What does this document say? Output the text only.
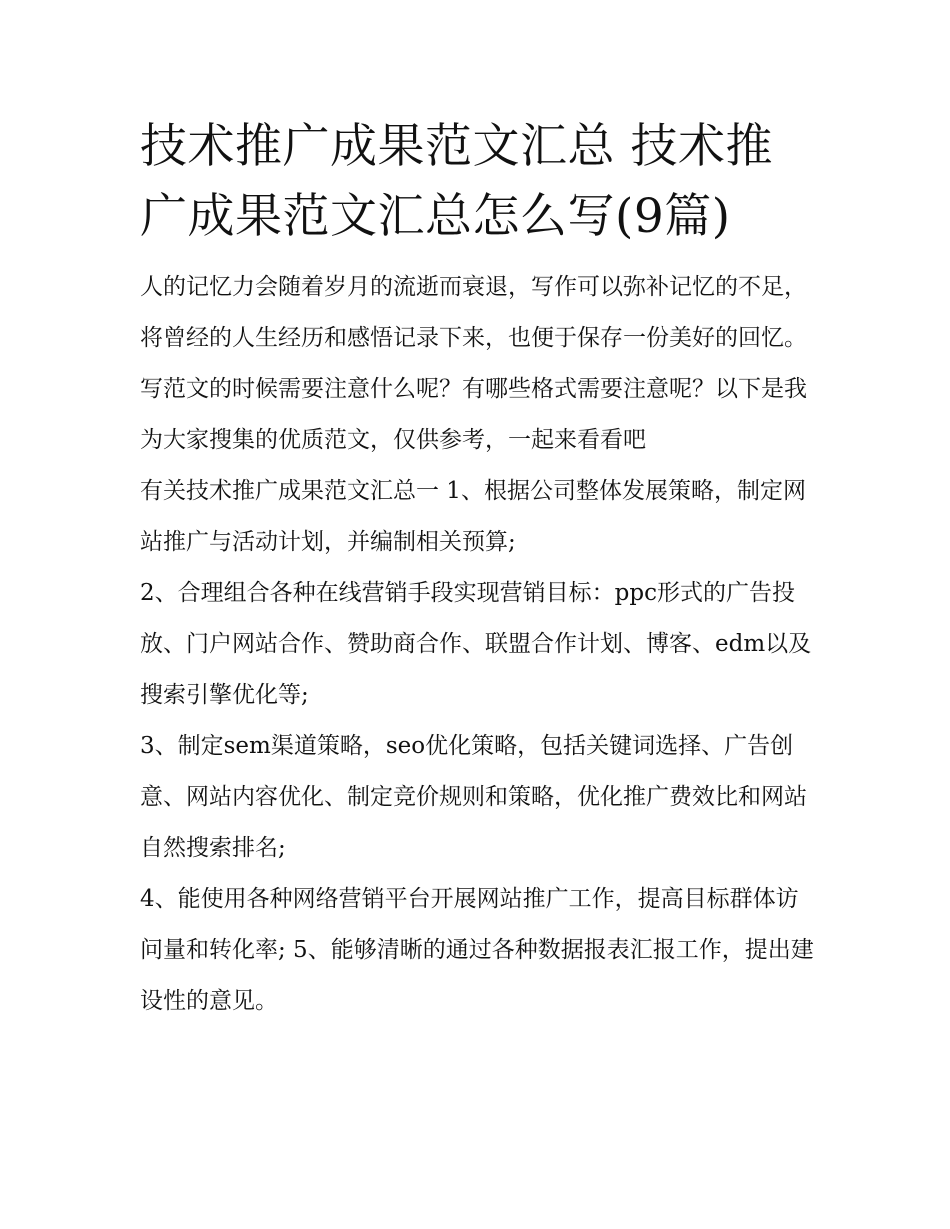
技术推广成果范文汇总 技术推广成果范文汇总怎么写(9篇)

人的记忆力会随着岁月的流逝而衰退，写作可以弥补记忆的不足，将曾经的人生经历和感悟记录下来，也便于保存一份美好的回忆。写范文的时候需要注意什么呢？有哪些格式需要注意呢？以下是我为大家搜集的优质范文，仅供参考，一起来看看吧

有关技术推广成果范文汇总一 1、根据公司整体发展策略，制定网站推广与活动计划，并编制相关预算;

2、合理组合各种在线营销手段实现营销目标：ppc形式的广告投放、门户网站合作、赞助商合作、联盟合作计划、博客、edm以及搜索引擎优化等;

3、制定sem渠道策略，seo优化策略，包括关键词选择、广告创意、网站内容优化、制定竞价规则和策略，优化推广费效比和网站自然搜索排名;

4、能使用各种网络营销平台开展网站推广工作，提高目标群体访问量和转化率; 5、能够清晰的通过各种数据报表汇报工作，提出建设性的意见。
